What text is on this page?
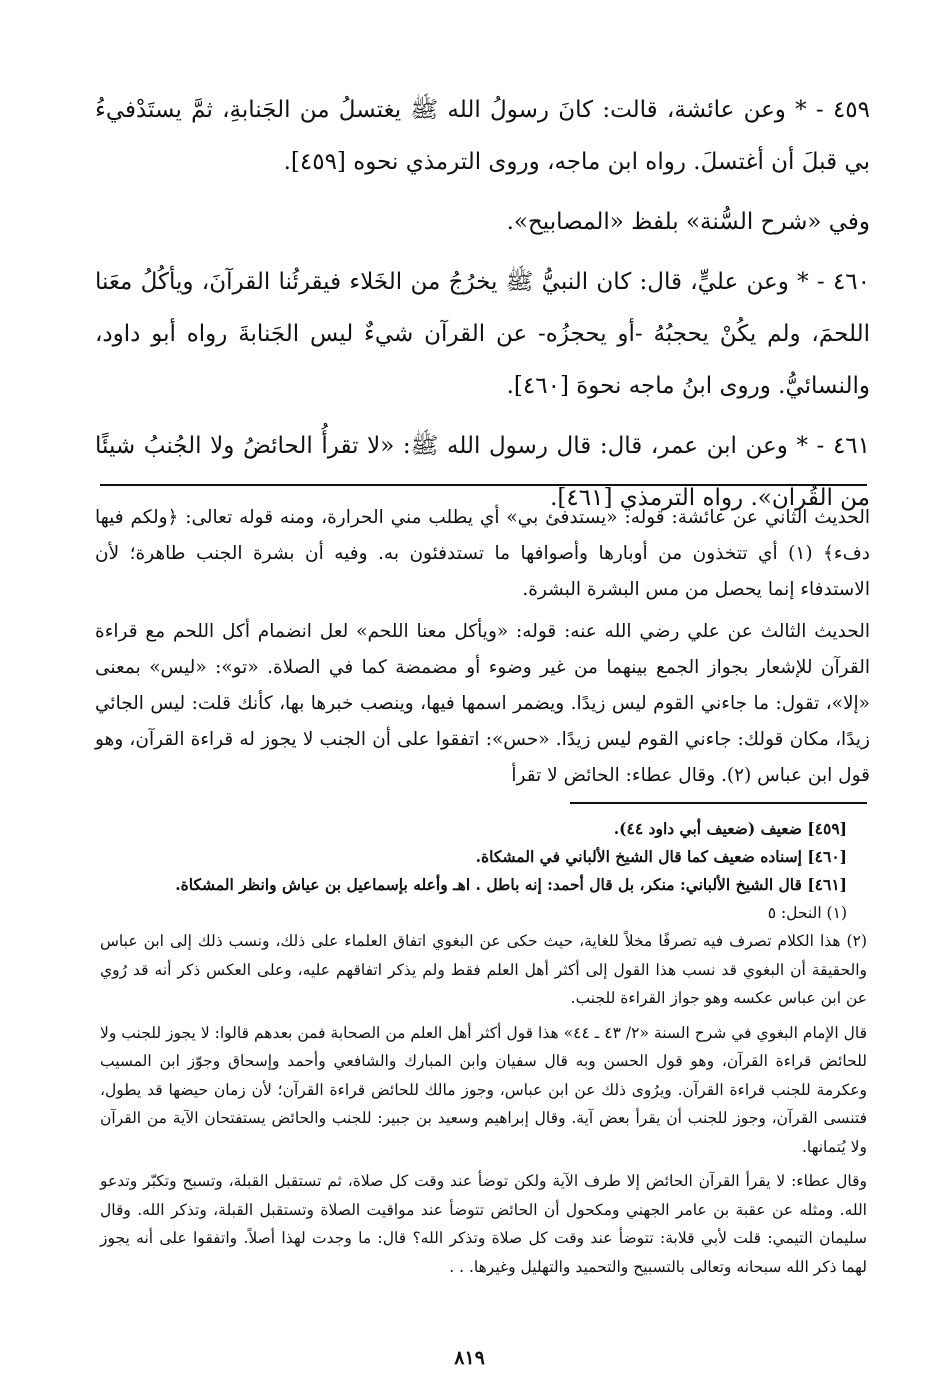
٤٥٩ - * وعن عائشة، قالت: كانَ رسولُ الله ﷺ يغتسلُ من الجَنابةِ، ثمَّ يستَدْفيءُ بي قبلَ أن أغتسلَ. رواه ابن ماجه، وروى الترمذي نحوه [٤٥٩].

وفي «شرح السُّنة» بلفظ «المصابيح».

٤٦٠ - * وعن عليٍّ، قال: كان النبيُّ ﷺ يخرُجُ من الخَلاء فيقرئُنا القرآنَ، ويأكُلُ معَنا اللحمَ، ولم يكُنْ يحجبُهُ -أو يحجزُه- عن القرآن شيءٌ ليس الجَنابةَ رواه أبو داود، والنسائيُّ. وروى ابنُ ماجه نحوهَ [٤٦٠].

٤٦١ - * وعن ابن عمر، قال: قال رسول الله ﷺ: «لا تقرأُ الحائضُ ولا الجُنبُ شيئًا من القُرآن». رواه الترمذي [٤٦١].

الحديث الثاني عن عائشة: قوله: «يستدفئ بي» أي يطلب مني الحرارة، ومنه قوله تعالى: ﴿ولكم فيها دفء﴾ (١) أي تتخذون من أوبارها وأصوافها ما تستدفئون به. وفيه أن بشرة الجنب طاهرة؛ لأن الاستدفاء إنما يحصل من مس البشرة البشرة.

الحديث الثالث عن علي رضي الله عنه: قوله: «ويأكل معنا اللحم» لعل انضمام أكل اللحم مع قراءة القرآن للإشعار بجواز الجمع بينهما من غير وضوء أو مضمضة كما في الصلاة. «تو»: «ليس» بمعنى «إلا»، تقول: ما جاءني القوم ليس زيدًا. ويضمر اسمها فيها، وينصب خبرها بها، كأنك قلت: ليس الجائي زيدًا، مكان قولك: جاءني القوم ليس زيدًا. «حس»: اتفقوا على أن الجنب لا يجوز له قراءة القرآن، وهو قول ابن عباس (٢). وقال عطاء: الحائض لا تقرأ

[٤٥٩] ضعيف (ضعيف أبي داود ٤٤).

[٤٦٠] إسناده ضعيف كما قال الشيخ الألباني في المشكاة.

[٤٦١] قال الشيخ الألباني: منكر، بل قال أحمد: إنه باطل . اهـ وأعله بإسماعيل بن عياش وانظر المشكاة.

(١) النحل: ٥

(٢) هذا الكلام تصرف فيه تصرفًا مخلاً للغاية، حيث حكى عن البغوي اتفاق العلماء على ذلك، ونسب ذلك إلى ابن عباس والحقيقة أن البغوي قد نسب هذا القول إلى أكثر أهل العلم فقط ولم يذكر اتفاقهم عليه، وعلى العكس ذكر أنه قد رُوي عن ابن عباس عكسه وهو جواز القراءة للجنب.

قال الإمام البغوي في شرح السنة «٢/ ٤٣ ـ ٤٤» هذا قول أكثر أهل العلم من الصحابة فمن بعدهم قالوا: لا يجوز للجنب ولا للحائض قراءة القرآن، وهو قول الحسن وبه قال سفيان وابن المبارك والشافعي وأحمد وإسحاق وجوّز ابن المسيب وعكرمة للجنب قراءة القرآن. ويرُوى ذلك عن ابن عباس، وجوز مالك للحائض قراءة القرآن؛ لأن زمان حيضها قد يطول، فتنسى القرآن، وجوز للجنب أن يقرأ بعض آية. وقال إبراهيم وسعيد بن جبير: للجنب والحائض يستفتحان الآية من القرآن ولا يُتمانها.

وقال عطاء: لا يقرأ القرآن الحائض إلا طرف الآية ولكن توضأ عند وقت كل صلاة، ثم تستقبل القبلة، وتسبح وتكبّر وتدعو الله. ومثله عن عقبة بن عامر الجهني ومكحول أن الحائض تتوضأ عند مواقيت الصلاة وتستقبل القبلة، وتذكر الله. وقال سليمان التيمي: قلت لأبي قلابة: تتوضأ عند وقت كل صلاة وتذكر الله؟ قال: ما وجدت لهذا أصلاً. واتفقوا على أنه يجوز لهما ذكر الله سبحانه وتعالى بالتسبيح والتحميد والتهليل وغيرها. . .

٨١٩
